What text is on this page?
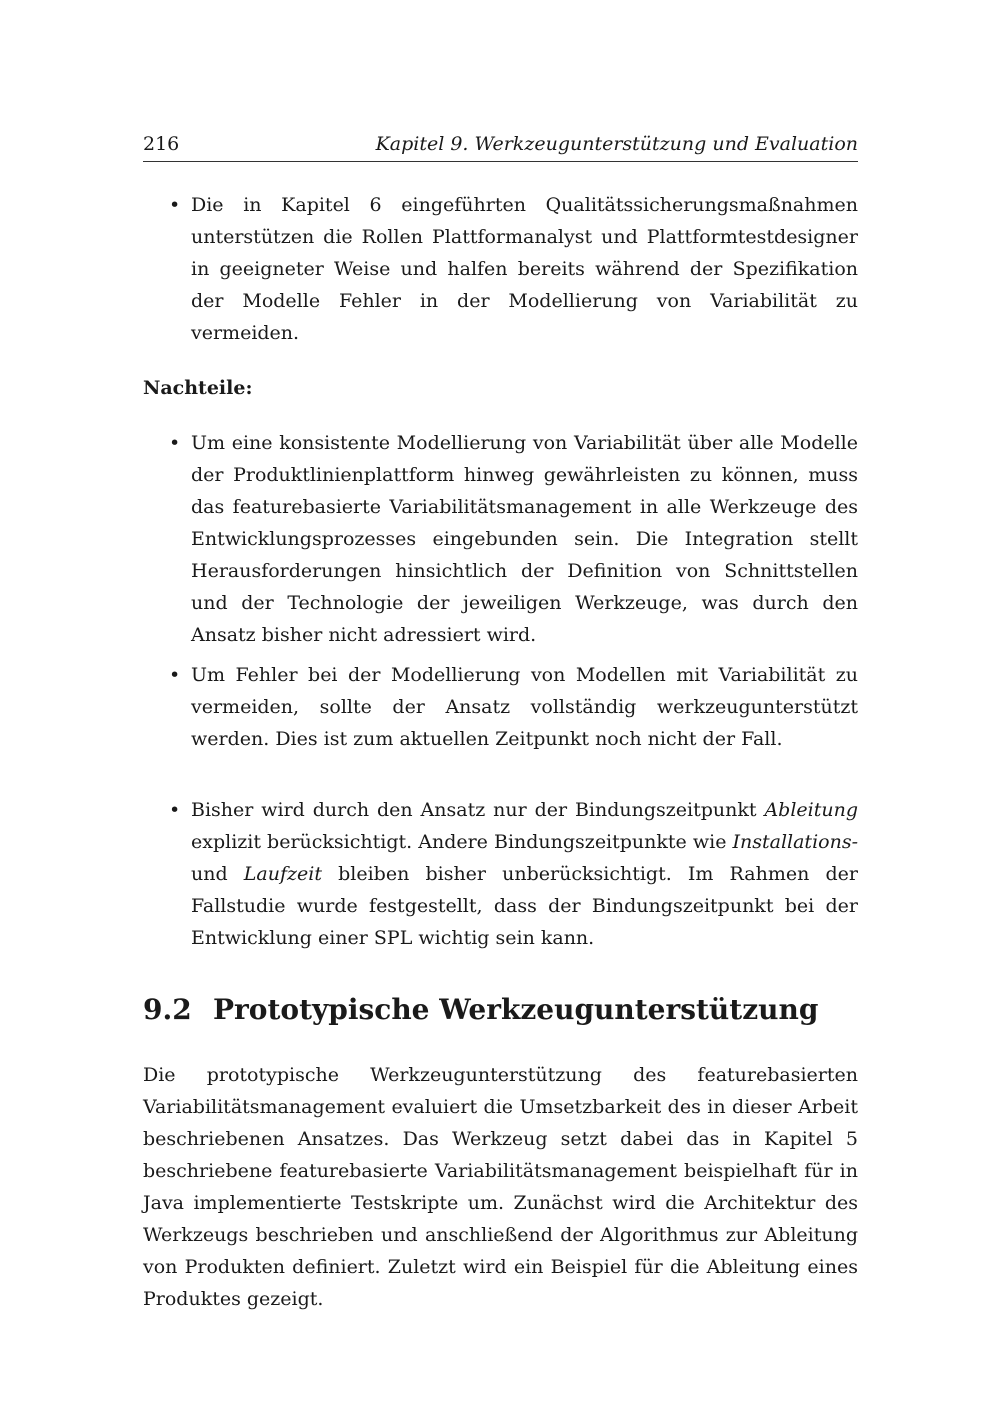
216	Kapitel 9. Werkzeugunterstützung und Evaluation
• Die in Kapitel 6 eingeführten Qualitätssicherungsmaßnahmen unterstützen die Rollen Plattformanalyst und Plattformtestdesigner in geeigneter Weise und halfen bereits während der Spezifikation der Modelle Fehler in der Modellierung von Variabilität zu vermeiden.

Nachteile:
• Um eine konsistente Modellierung von Variabilität über alle Modelle der Produktlinienplattform hinweg gewährleisten zu können, muss das featurebasierte Variabilitätsmanagement in alle Werkzeuge des Entwicklungsprozesses eingebunden sein. Die Integration stellt Herausforderungen hinsichtlich der Definition von Schnittstellen und der Technologie der jeweiligen Werkzeuge, was durch den Ansatz bisher nicht adressiert wird.

• Um Fehler bei der Modellierung von Modellen mit Variabilität zu vermeiden, sollte der Ansatz vollständig werkzeugunterstützt werden. Dies ist zum aktuellen Zeitpunkt noch nicht der Fall.

• Bisher wird durch den Ansatz nur der Bindungszeitpunkt Ableitung explizit berücksichtigt. Andere Bindungszeitpunkte wie Installations- und Laufzeit bleiben bisher unberücksichtigt. Im Rahmen der Fallstudie wurde festgestellt, dass der Bindungszeitpunkt bei der Entwicklung einer SPL wichtig sein kann.

9.2 Prototypische Werkzeugunterstützung

Die prototypische Werkzeugunterstützung des featurebasierten Variabilitätsmanagement evaluiert die Umsetzbarkeit des in dieser Arbeit beschriebenen Ansatzes. Das Werkzeug setzt dabei das in Kapitel 5 beschriebene featurebasierte Variabilitätsmanagement beispielhaft für in Java implementierte Testskripte um. Zunächst wird die Architektur des Werkzeugs beschrieben und anschließend der Algorithmus zur Ableitung von Produkten definiert. Zuletzt wird ein Beispiel für die Ableitung eines Produktes gezeigt.
